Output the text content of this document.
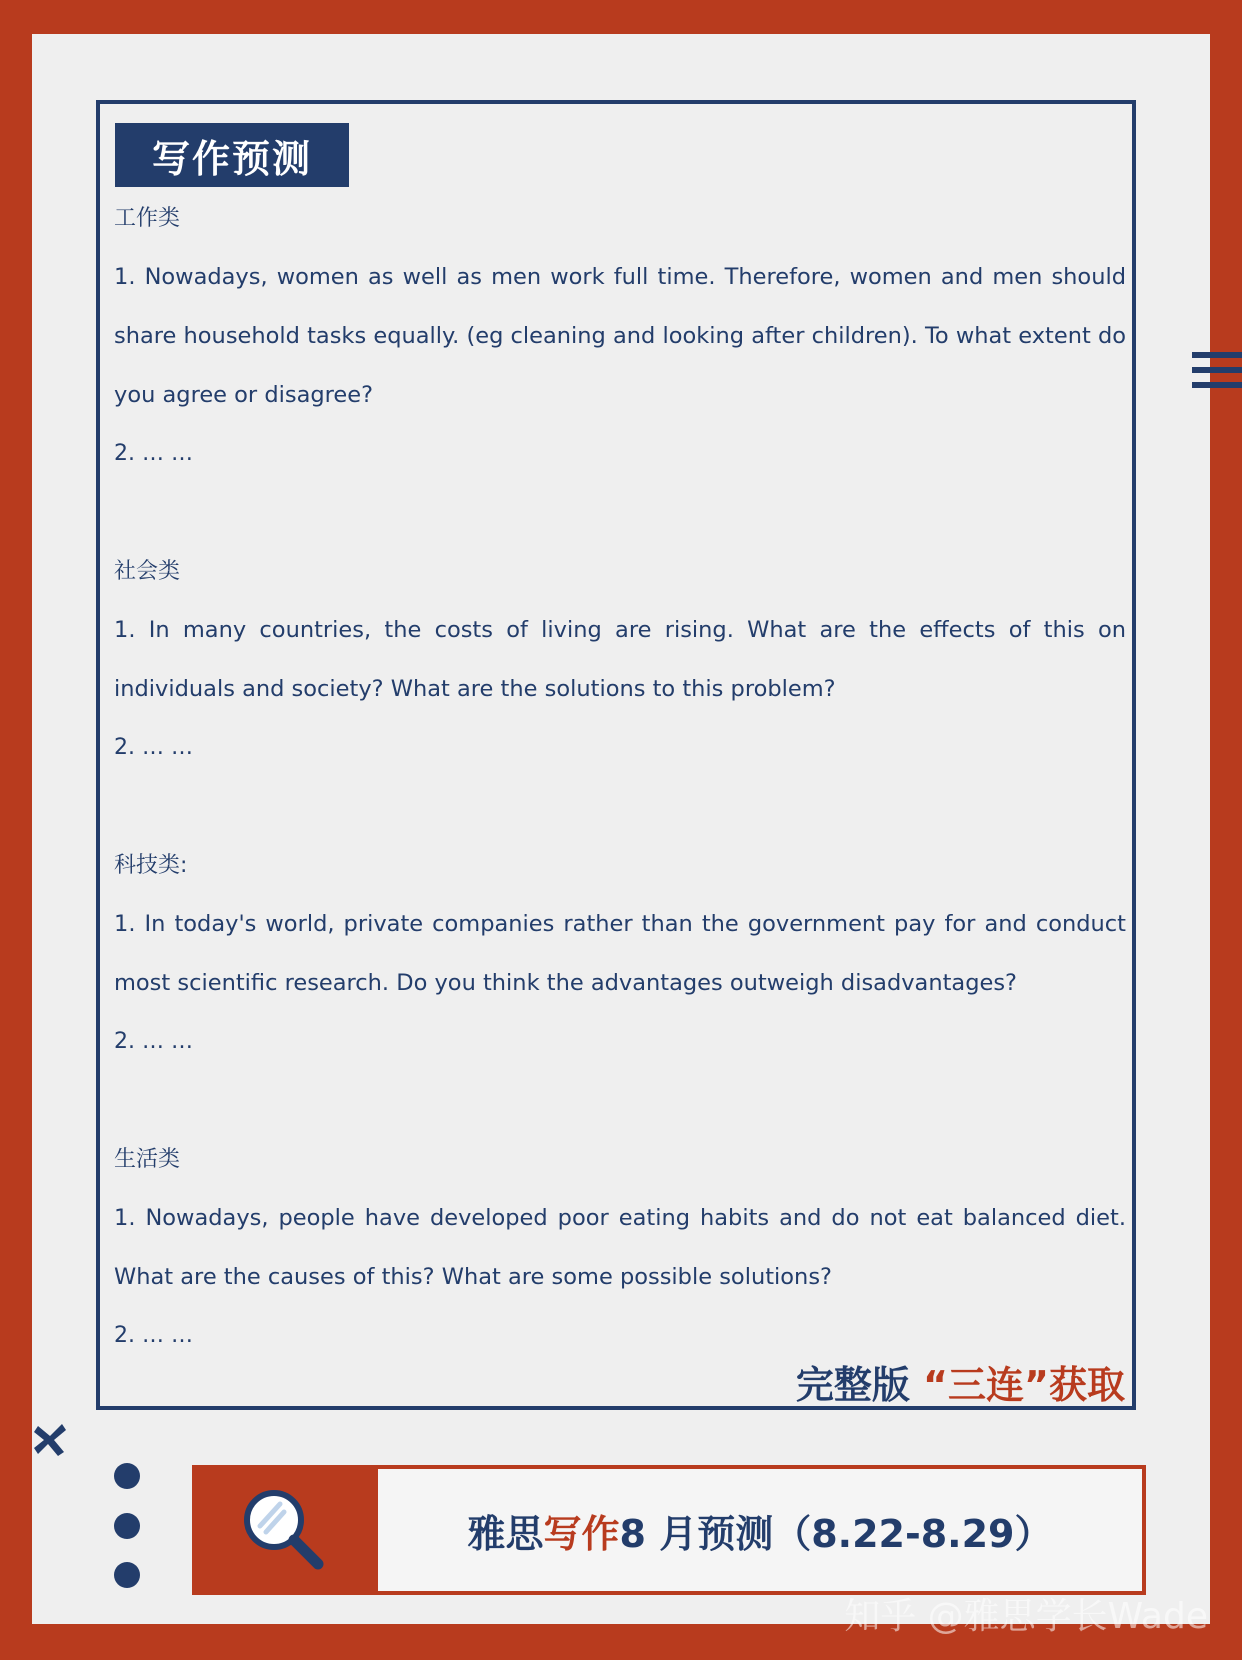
写作预测

工作类

1. Nowadays, women as well as men work full time. Therefore, women and men should share household tasks equally. (eg cleaning and looking after children). To what extent do you agree or disagree?

2. … …

社会类

1. In many countries, the costs of living are rising. What are the effects of this on individuals and society? What are the solutions to this problem?

2. … …

科技类:

1. In today's world, private companies rather than the government pay for and conduct most scientific research. Do you think the advantages outweigh disadvantages?

2. … …

生活类

1. Nowadays, people have developed poor eating habits and do not eat balanced diet. What are the causes of this? What are some possible solutions?

2. … …

完整版 “三连”获取
雅思 写作 8 月预测（8.22-8.29）
知乎 @雅思学长Wade
